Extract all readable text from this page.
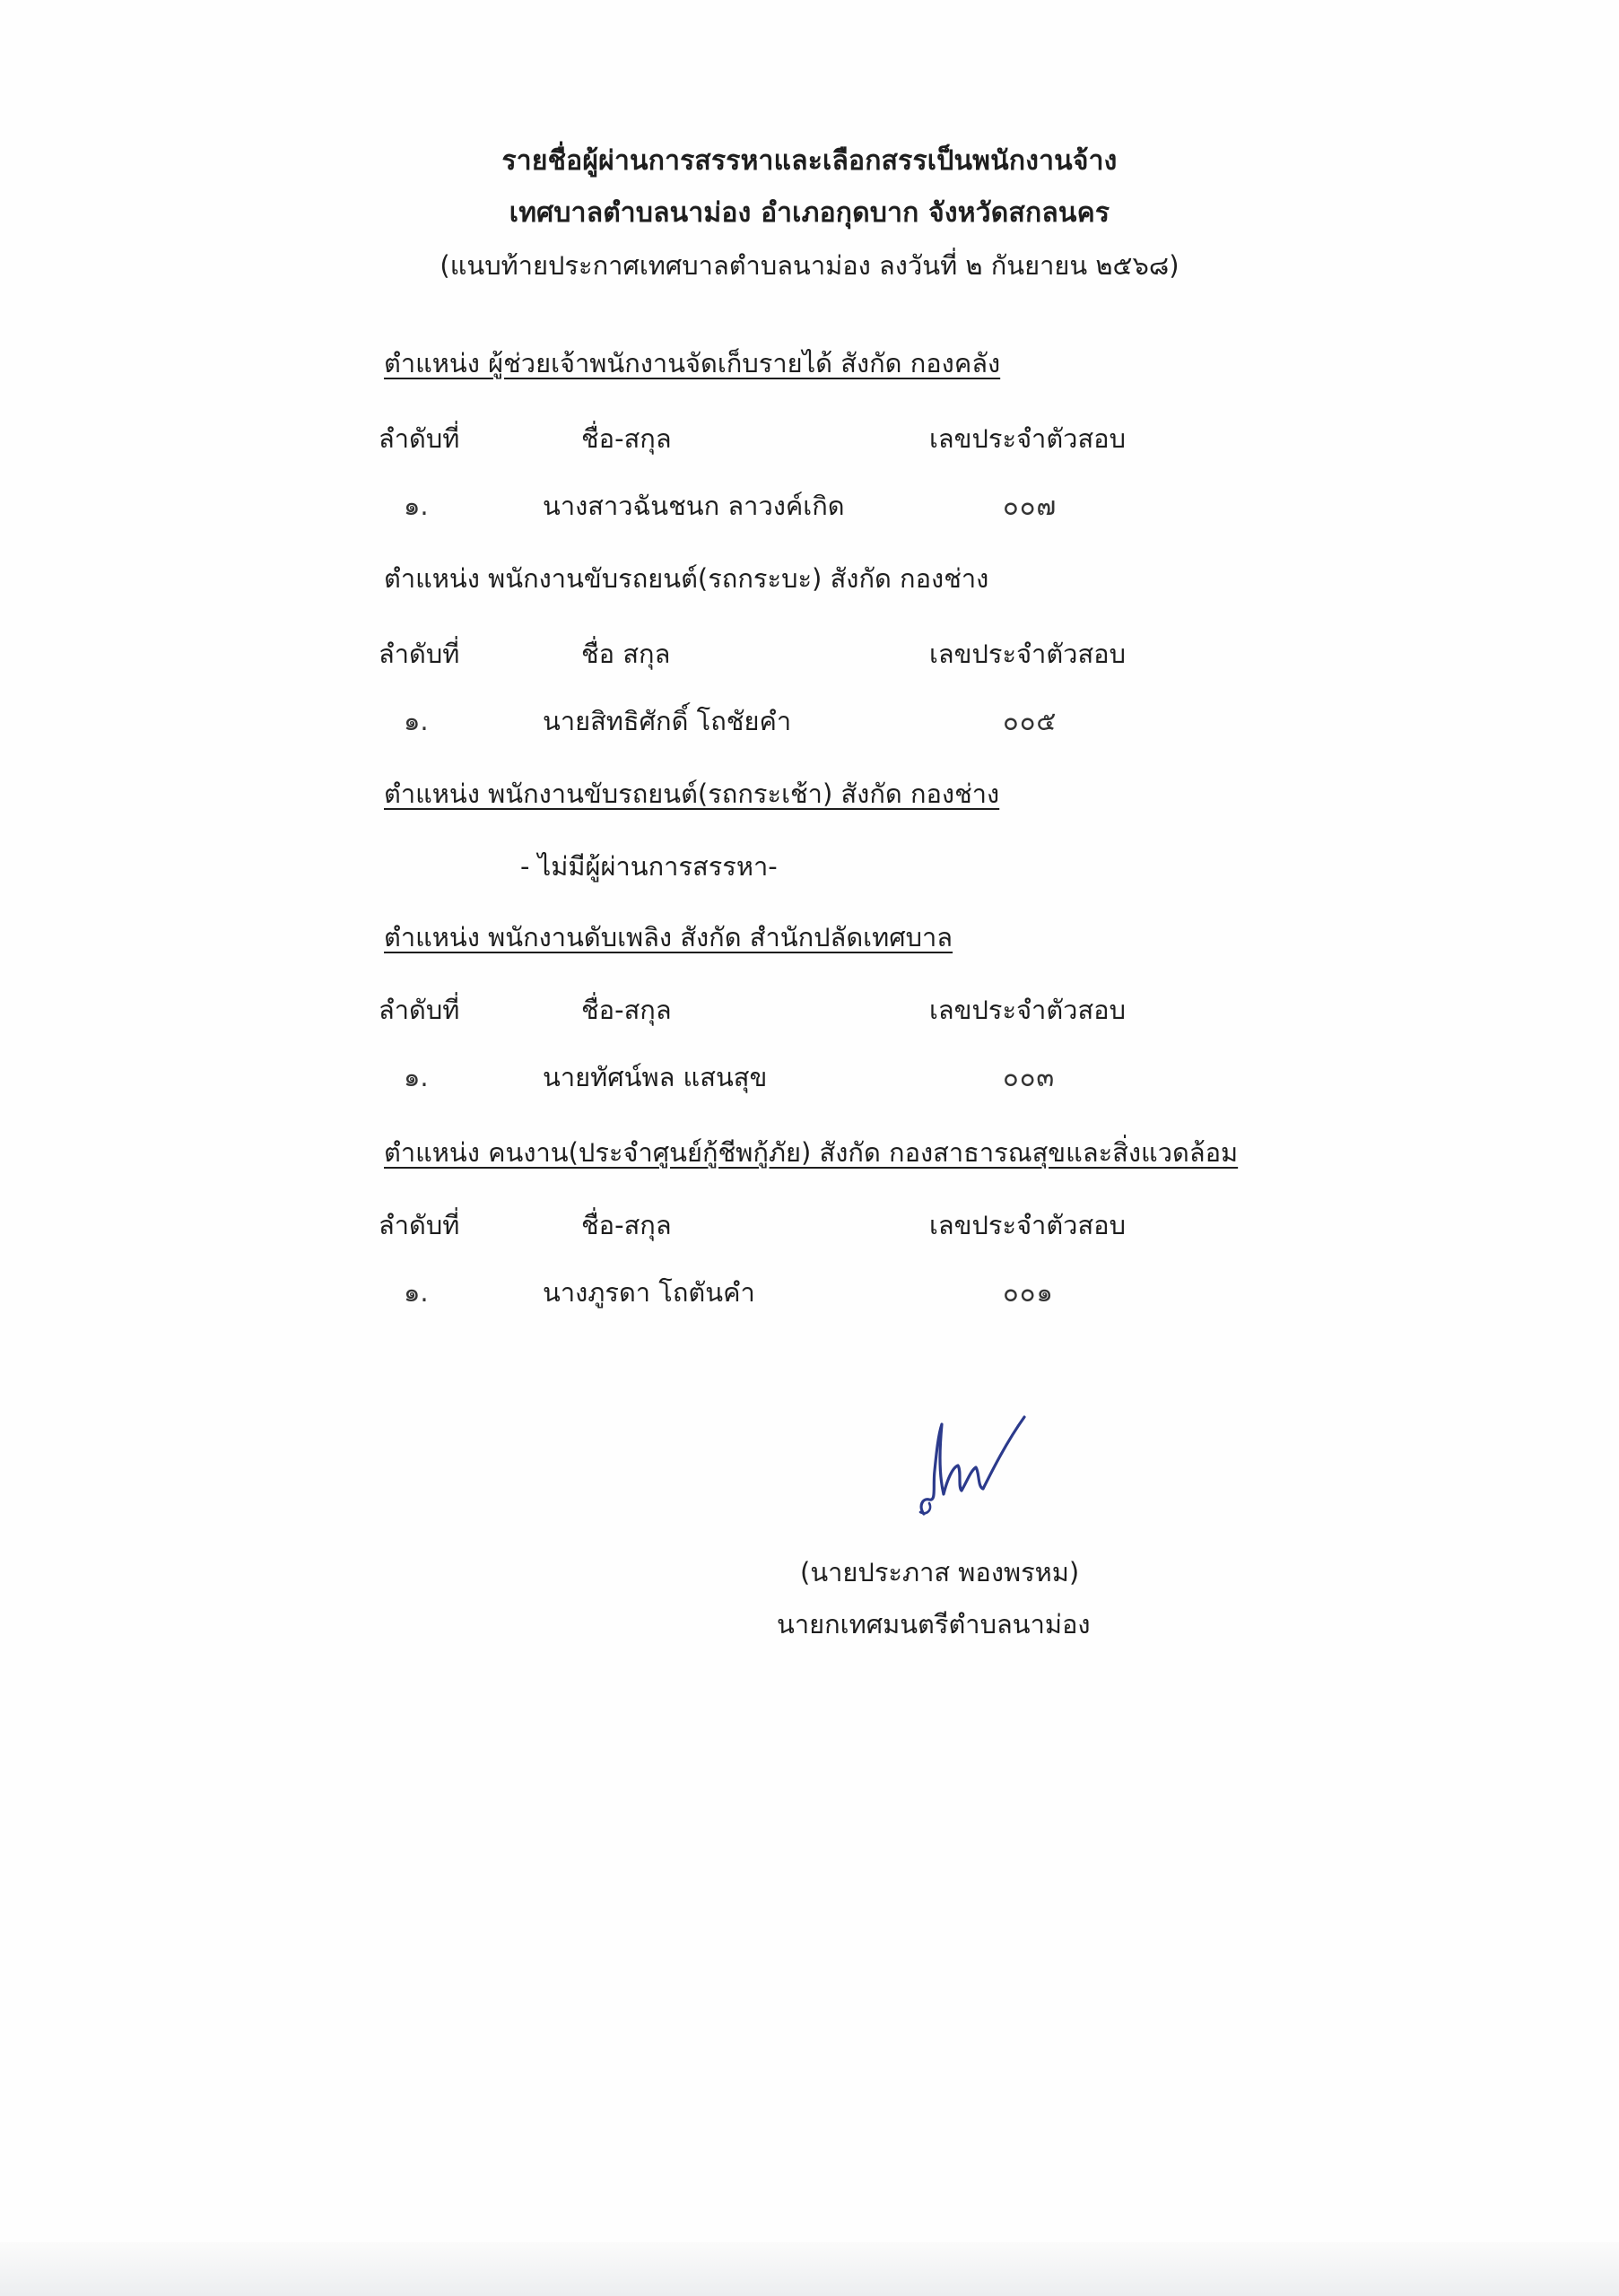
รายชื่อผู้ผ่านการสรรหาและเลือกสรรเป็นพนักงานจ้าง
เทศบาลตำบลนาม่อง อำเภอกุดบาก จังหวัดสกลนคร
(แนบท้ายประกาศเทศบาลตำบลนาม่อง ลงวันที่ ๒ กันยายน ๒๕๖๘)
ตำแหน่ง ผู้ช่วยเจ้าพนักงานจัดเก็บรายได้ สังกัด กองคลัง
ลำดับที่	ชื่อ-สกุล	เลขประจำตัวสอบ
๑.	นางสาวฉันชนก ลาวงค์เกิด	๐๐๗
ตำแหน่ง พนักงานขับรถยนต์(รถกระบะ) สังกัด กองช่าง
ลำดับที่	ชื่อ สกุล	เลขประจำตัวสอบ
๑.	นายสิทธิศักดิ์ โถชัยคำ	๐๐๕
ตำแหน่ง พนักงานขับรถยนต์(รถกระเช้า) สังกัด กองช่าง
- ไม่มีผู้ผ่านการสรรหา-
ตำแหน่ง พนักงานดับเพลิง สังกัด สำนักปลัดเทศบาล
ลำดับที่	ชื่อ-สกุล	เลขประจำตัวสอบ
๑.	นายทัศน์พล แสนสุข	๐๐๓
ตำแหน่ง คนงาน(ประจำศูนย์กู้ชีพกู้ภัย) สังกัด กองสาธารณสุขและสิ่งแวดล้อม
ลำดับที่	ชื่อ-สกุล	เลขประจำตัวสอบ
๑.	นางภูรดา โถตันคำ	๐๐๑
(นายประภาส พองพรหม)
นายกเทศมนตรีตำบลนาม่อง
